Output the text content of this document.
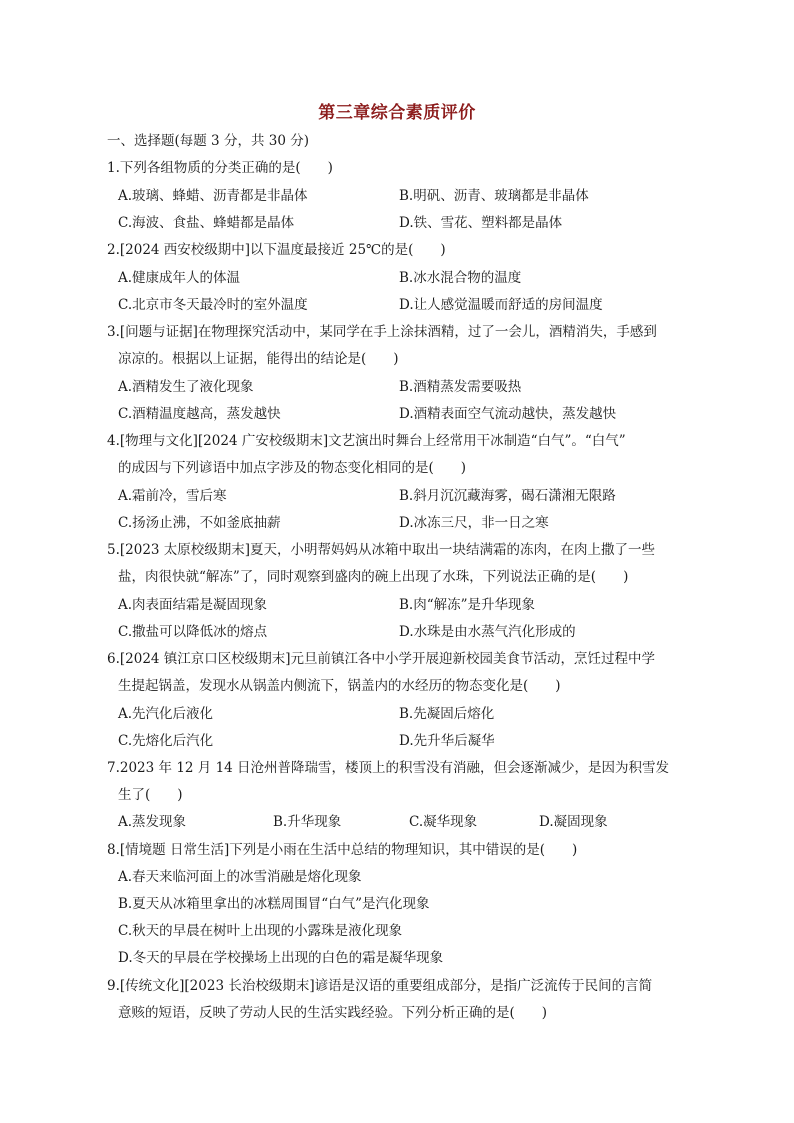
第三章综合素质评价
一、选择题(每题 3 分，共 30 分)
1.下列各组物质的分类正确的是(　　)
A.玻璃、蜂蜡、沥青都是非晶体	B.明矾、沥青、玻璃都是非晶体
C.海波、食盐、蜂蜡都是晶体	D.铁、雪花、塑料都是晶体
2.[2024 西安校级期中]以下温度最接近 25℃的是(　　)
A.健康成年人的体温	B.冰水混合物的温度
C.北京市冬天最冷时的室外温度	D.让人感觉温暖而舒适的房间温度
3.[问题与证据]在物理探究活动中，某同学在手上涂抹酒精，过了一会儿，酒精消失，手感到
凉凉的。根据以上证据，能得出的结论是(　　)
A.酒精发生了液化现象	B.酒精蒸发需要吸热
C.酒精温度越高，蒸发越快	D.酒精表面空气流动越快，蒸发越快
4.[物理与文化][2024 广安校级期末]文艺演出时舞台上经常用干冰制造“白气”。“白气”
的成因与下列谚语中加点字涉及的物态变化相同的是(　　)
A.霜前冷，雪后寒	B.斜月沉沉藏海雾，碣石潇湘无限路
C.扬汤止沸，不如釜底抽薪	D.冰冻三尺，非一日之寒
5.[2023 太原校级期末]夏天，小明帮妈妈从冰箱中取出一块结满霜的冻肉，在肉上撒了一些
盐，肉很快就“解冻”了，同时观察到盛肉的碗上出现了水珠，下列说法正确的是(　　)
A.肉表面结霜是凝固现象	B.肉“解冻”是升华现象
C.撒盐可以降低冰的熔点	D.水珠是由水蒸气汽化形成的
6.[2024 镇江京口区校级期末]元旦前镇江各中小学开展迎新校园美食节活动，烹饪过程中学
生提起锅盖，发现水从锅盖内侧流下，锅盖内的水经历的物态变化是(　　)
A.先汽化后液化	B.先凝固后熔化
C.先熔化后汽化	D.先升华后凝华
7.2023 年 12 月 14 日沧州普降瑞雪，楼顶上的积雪没有消融，但会逐渐减少，是因为积雪发
生了(　　)
A.蒸发现象	B.升华现象	C.凝华现象	D.凝固现象
8.[情境题 日常生活]下列是小雨在生活中总结的物理知识，其中错误的是(　　)
A.春天来临河面上的冰雪消融是熔化现象
B.夏天从冰箱里拿出的冰糕周围冒“白气”是汽化现象
C.秋天的早晨在树叶上出现的小露珠是液化现象
D.冬天的早晨在学校操场上出现的白色的霜是凝华现象
9.[传统文化][2023 长治校级期末]谚语是汉语的重要组成部分，是指广泛流传于民间的言简
意赅的短语，反映了劳动人民的生活实践经验。下列分析正确的是(　　)
